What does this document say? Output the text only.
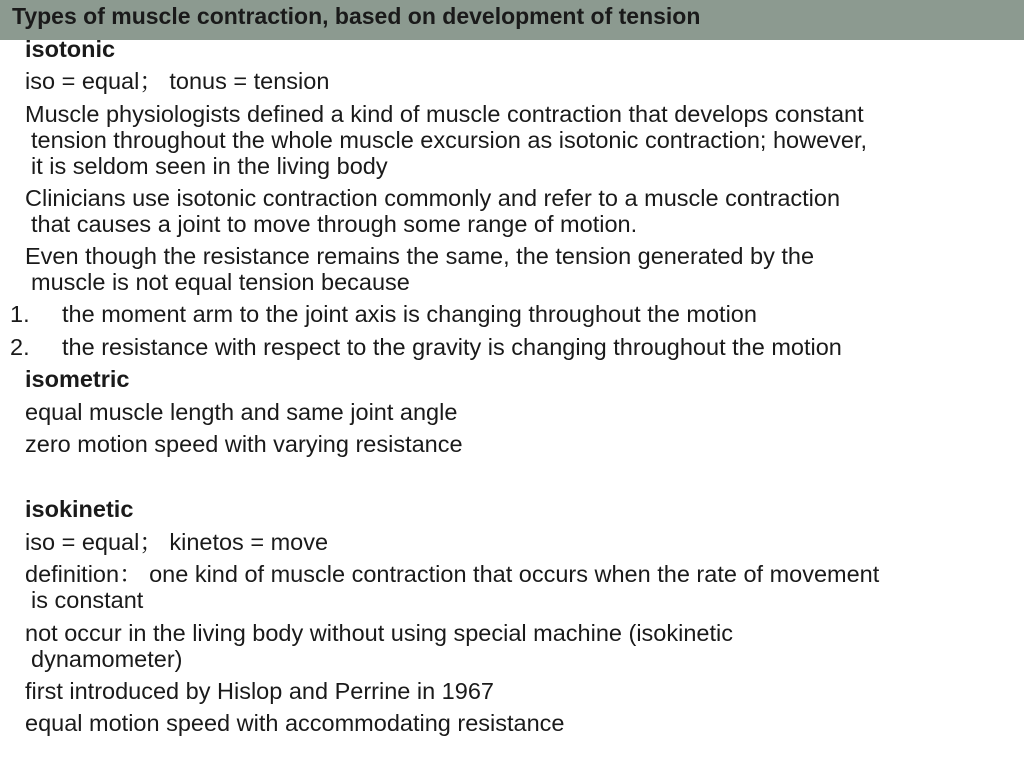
Types of muscle contraction, based on development of tension
isotonic
iso = equal； tonus = tension
Muscle physiologists defined a kind of muscle contraction that develops constant
tension throughout the whole muscle excursion as isotonic contraction; however,
it is seldom seen in the living body
Clinicians use isotonic contraction commonly and refer to a muscle contraction
that causes a joint to move through some range of motion.
Even though the resistance remains the same, the tension generated by the
muscle is not equal tension because
1. the moment arm to the joint axis is changing throughout the motion
2. the resistance with respect to the gravity is changing throughout the motion
isometric
equal muscle length and same joint angle
zero motion speed with varying resistance
isokinetic
iso = equal； kinetos = move
definition： one kind of muscle contraction that occurs when the rate of movement
is constant
not occur in the living body without using special machine (isokinetic
dynamometer)
first introduced by Hislop and Perrine in 1967
equal motion speed with accommodating resistance
